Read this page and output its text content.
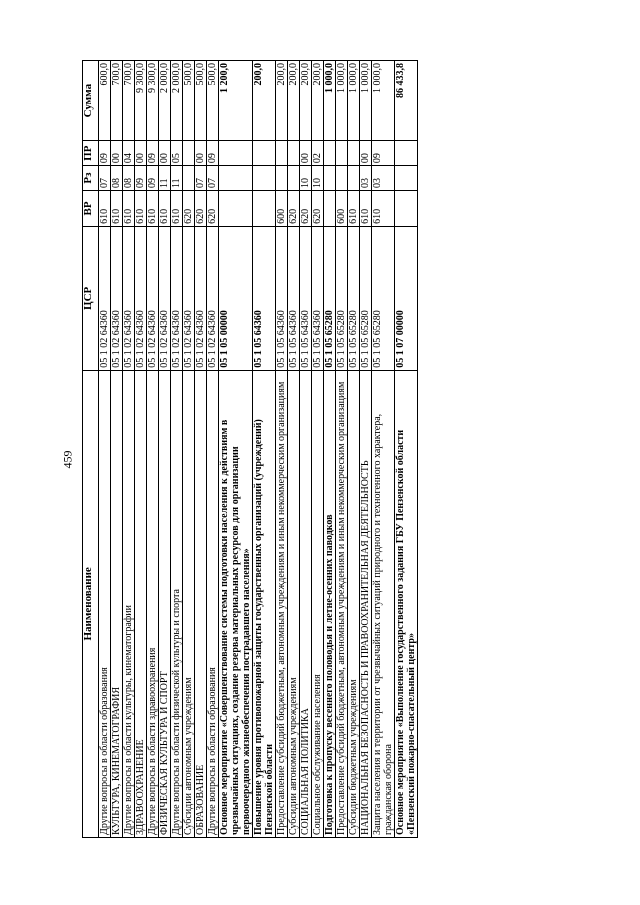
459
Наименование	ЦСР	ВР	Рз	ПР	Сумма
Другие вопросы в области образования	05 1 02 64360	610	07	09	600,0
КУЛЬТУРА, КИНЕМАТОГРАФИЯ	05 1 02 64360	610	08	00	700,0
Другие вопросы в области культуры, кинематографии	05 1 02 64360	610	08	04	700,0
ЗДРАВООХРАНЕНИЕ	05 1 02 64360	610	09	00	9 300,0
Другие вопросы в области здравоохранения	05 1 02 64360	610	09	09	9 300,0
ФИЗИЧЕСКАЯ КУЛЬТУРА И СПОРТ	05 1 02 64360	610	11	00	2 000,0
Другие вопросы в области физической культуры и спорта	05 1 02 64360	610	11	05	2 000,0
Субсидии автономным учреждениям	05 1 02 64360	620			500,0
ОБРАЗОВАНИЕ	05 1 02 64360	620	07	00	500,0
Другие вопросы в области образования	05 1 02 64360	620	07	09	500,0
Основное мероприятие «Совершенствование системы подготовки населения к действиям в чрезвычайных ситуациях, создание резерва материальных ресурсов для организации первоочередного жизнеобеспечения пострадавшего населения»	05 1 05 00000				1 200,0
Повышение уровня противопожарной защиты государственных организаций (учреждений) Пензенской области	05 1 05 64360				200,0
Предоставление субсидий бюджетным, автономным учреждениям и иным некоммерческим организациям	05 1 05 64360	600			200,0
Субсидии автономным учреждениям	05 1 05 64360	620			200,0
СОЦИАЛЬНАЯ ПОЛИТИКА	05 1 05 64360	620	10	00	200,0
Социальное обслуживание населения	05 1 05 64360	620	10	02	200,0
Подготовка к пропуску весеннего половодья и летне-осенних паводков	05 1 05 65280				1 000,0
Предоставление субсидий бюджетным, автономным учреждениям и иным некоммерческим организациям	05 1 05 65280	600			1 000,0
Субсидии бюджетным учреждениям	05 1 05 65280	610			1 000,0
НАЦИОНАЛЬНАЯ БЕЗОПАСНОСТЬ И ПРАВООХРАНИТЕЛЬНАЯ ДЕЯТЕЛЬНОСТЬ	05 1 05 65280	610	03	00	1 000,0
Защита населения и территории от чрезвычайных ситуаций природного и техногенного характера, гражданская оборона	05 1 05 65280	610	03	09	1 000,0
Основное мероприятие «Выполнение государственного задания ГБУ Пензенской области «Пензенский пожарно-спасательный центр»	05 1 07 00000				86 433,8
